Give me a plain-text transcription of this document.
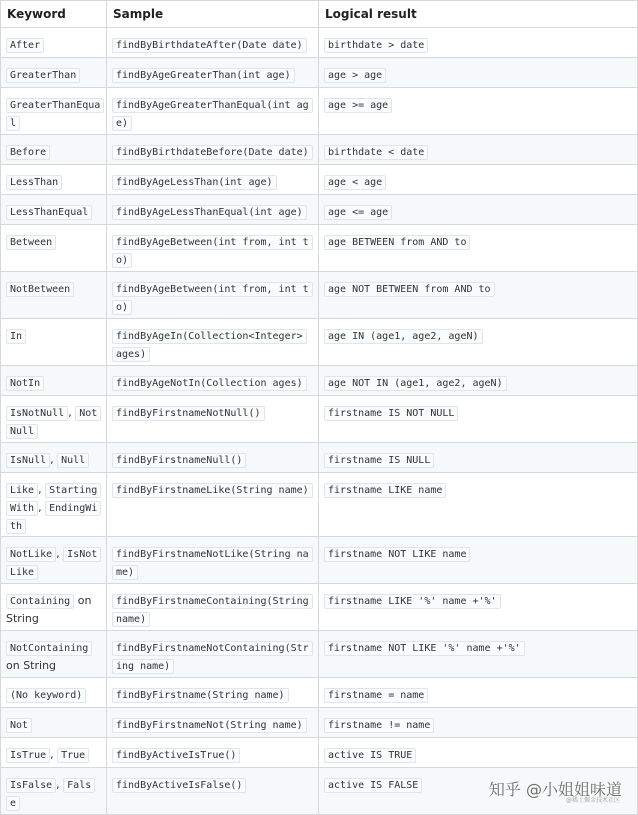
Keyword	Sample	Logical result
After	findByBirthdateAfter(Date date)	birthdate > date
GreaterThan	findByAgeGreaterThan(int age)	age > age
GreaterThanEqual	findByAgeGreaterThanEqual(int age)	age >= age
Before	findByBirthdateBefore(Date date)	birthdate < date
LessThan	findByAgeLessThan(int age)	age < age
LessThanEqual	findByAgeLessThanEqual(int age)	age <= age
Between	findByAgeBetween(int from, int to)	age BETWEEN from AND to
NotBetween	findByAgeBetween(int from, int to)	age NOT BETWEEN from AND to
In	findByAgeIn(Collection<Integer> ages)	age IN (age1, age2, ageN)
NotIn	findByAgeNotIn(Collection ages)	age NOT IN (age1, age2, ageN)
IsNotNull , NotNull	findByFirstnameNotNull()	firstname IS NOT NULL
IsNull , Null	findByFirstnameNull()	firstname IS NULL
Like , StartingWith , EndingWith	findByFirstnameLike(String name)	firstname LIKE name
NotLike , IsNotLike	findByFirstnameNotLike(String name)	firstname NOT LIKE name
Containing on String	findByFirstnameContaining(String name)	firstname LIKE '%' name +'%'
NotContaining on String	findByFirstnameNotContaining(String name)	firstname NOT LIKE '%' name +'%'
(No keyword)	findByFirstname(String name)	firstname = name
Not	findByFirstnameNot(String name)	firstname != name
IsTrue , True	findByActiveIsTrue()	active IS TRUE
IsFalse , False	findByActiveIsFalse()	active IS FALSE	知乎 @小姐姐味道
@稀土掘金技术社区
